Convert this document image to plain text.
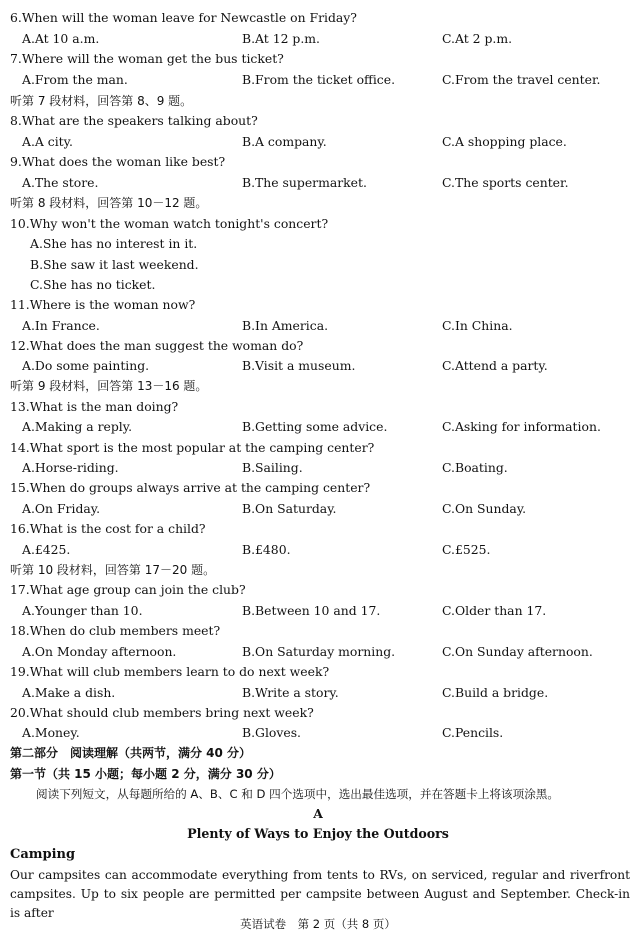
6.When will the woman leave for Newcastle on Friday?
A.At 10 a.m.	B.At 12 p.m.	C.At 2 p.m.
7.Where will the woman get the bus ticket?
A.From the man.	B.From the ticket office.	C.From the travel center.
听第 7 段材料，回答第 8、9 题。
8.What are the speakers talking about?
A.A city.	B.A company.	C.A shopping place.
9.What does the woman like best?
A.The store.	B.The supermarket.	C.The sports center.
听第 8 段材料，回答第 10－12 题。
10.Why won't the woman watch tonight's concert?
A.She has no interest in it.
B.She saw it last weekend.
C.She has no ticket.
11.Where is the woman now?
A.In France.	B.In America.	C.In China.
12.What does the man suggest the woman do?
A.Do some painting.	B.Visit a museum.	C.Attend a party.
听第 9 段材料，回答第 13－16 题。
13.What is the man doing?
A.Making a reply.	B.Getting some advice.	C.Asking for information.
14.What sport is the most popular at the camping center?
A.Horse-riding.	B.Sailing.	C.Boating.
15.When do groups always arrive at the camping center?
A.On Friday.	B.On Saturday.	C.On Sunday.
16.What is the cost for a child?
A.£425.	B.£480.	C.£525.
听第 10 段材料，回答第 17－20 题。
17.What age group can join the club?
A.Younger than 10.	B.Between 10 and 17.	C.Older than 17.
18.When do club members meet?
A.On Monday afternoon.	B.On Saturday morning.	C.On Sunday afternoon.
19.What will club members learn to do next week?
A.Make a dish.	B.Write a story.	C.Build a bridge.
20.What should club members bring next week?
A.Money.	B.Gloves.	C.Pencils.
第二部分　阅读理解（共两节，满分 40 分）
第一节（共 15 小题；每小题 2 分，满分 30 分）
阅读下列短文，从每题所给的 A、B、C 和 D 四个选项中，选出最佳选项，并在答题卡上将该项涂黑。
A
Plenty of Ways to Enjoy the Outdoors
Camping
Our campsites can accommodate everything from tents to RVs, on serviced, regular and riverfront campsites. Up to six people are permitted per campsite between August and September. Check-in is after
英语试卷　第 2 页（共 8 页）
